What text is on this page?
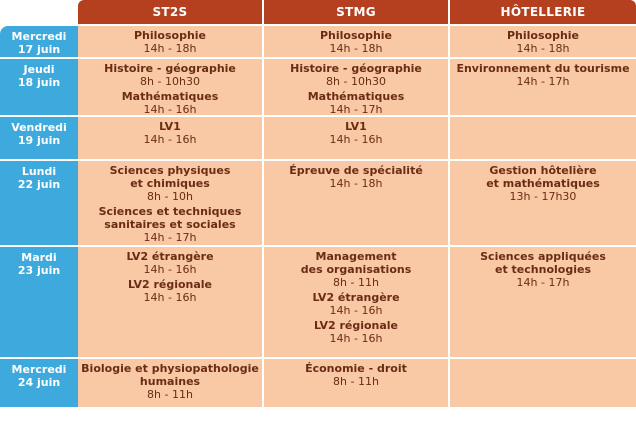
ST2S	STMG	HÔTELLERIE
Mercredi
17 juin
Philosophie
14h - 18h
Philosophie
14h - 18h
Philosophie
14h - 18h
Jeudi
18 juin
Histoire - géographie
8h - 10h30
Mathématiques
14h - 16h
Histoire - géographie
8h - 10h30
Mathématiques
14h - 17h
Environnement du tourisme
14h - 17h
Vendredi
19 juin
LV1
14h - 16h
LV1
14h - 16h
Lundi
22 juin
Sciences physiques
et chimiques
8h - 10h
Sciences et techniques
sanitaires et sociales
14h - 17h
Épreuve de spécialité
14h - 18h
Gestion hôtelière
et mathématiques
13h - 17h30
Mardi
23 juin
LV2 étrangère
14h - 16h
LV2 régionale
14h - 16h
Management
des organisations
8h - 11h
LV2 étrangère
14h - 16h
LV2 régionale
14h - 16h
Sciences appliquées
et technologies
14h - 17h
Mercredi
24 juin
Biologie et physiopathologie
humaines
8h - 11h
Économie - droit
8h - 11h
